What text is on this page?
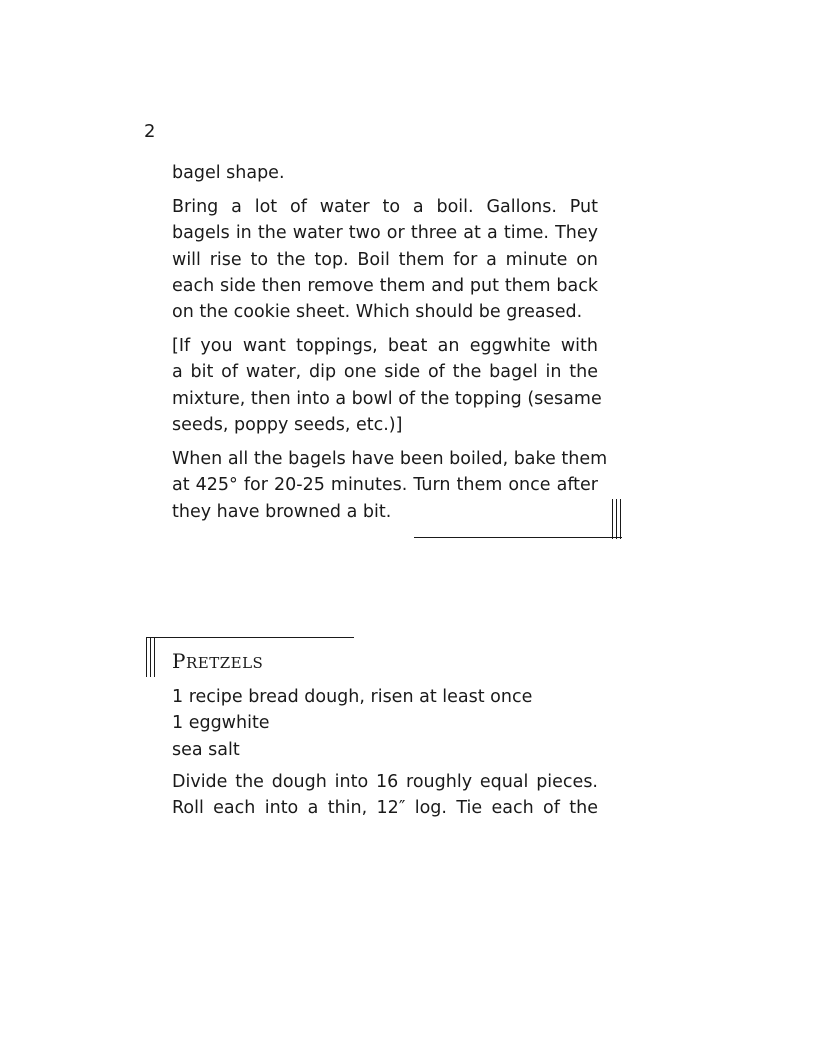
2
bagel shape.
Bring a lot of water to a boil. Gallons. Put
bagels in the water two or three at a time. They
will rise to the top. Boil them for a minute on
each side then remove them and put them back
on the cookie sheet. Which should be greased.
[If you want toppings, beat an eggwhite with
a bit of water, dip one side of the bagel in the
mixture, then into a bowl of the topping (sesame
seeds, poppy seeds, etc.)]
When all the bagels have been boiled, bake them
at 425° for 20-25 minutes. Turn them once after
they have browned a bit.
PRETZELS
1 recipe bread dough, risen at least once
1 eggwhite
sea salt
Divide the dough into 16 roughly equal pieces.
Roll each into a thin, 12″ log. Tie each of the
